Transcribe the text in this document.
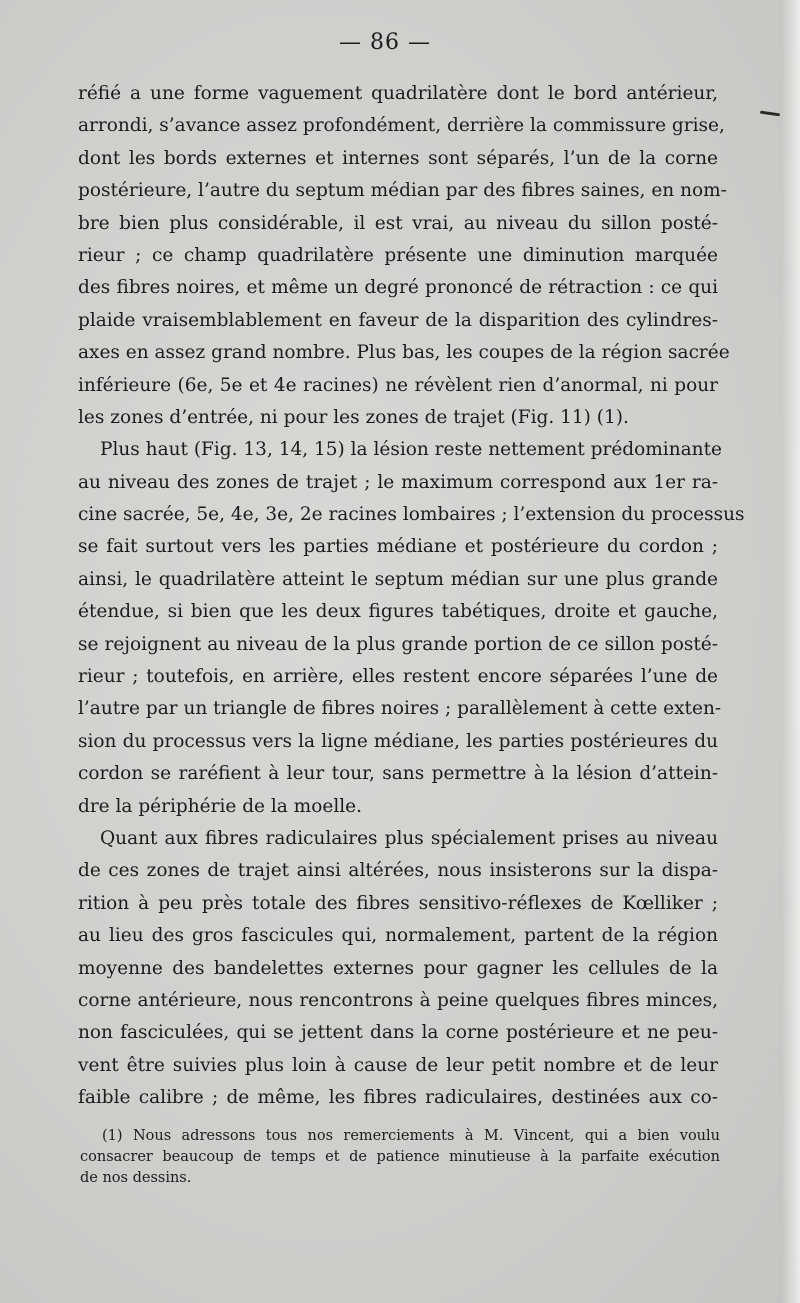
— 86 —
réfié a une forme vaguement quadrilatère dont le bord antérieur,
arrondi, s’avance assez profondément, derrière la commissure grise,
dont les bords externes et internes sont séparés, l’un de la corne
postérieure, l’autre du septum médian par des fibres saines, en nom-
bre bien plus considérable, il est vrai, au niveau du sillon posté-
rieur ; ce champ quadrilatère présente une diminution marquée
des fibres noires, et même un degré prononcé de rétraction : ce qui
plaide vraisemblablement en faveur de la disparition des cylindres-
axes en assez grand nombre. Plus bas, les coupes de la région sacrée
inférieure (6e, 5e et 4e racines) ne révèlent rien d’anormal, ni pour
les zones d’entrée, ni pour les zones de trajet (Fig. 11) (1).
Plus haut (Fig. 13, 14, 15) la lésion reste nettement prédominante
au niveau des zones de trajet ; le maximum correspond aux 1er ra-
cine sacrée, 5e, 4e, 3e, 2e racines lombaires ; l’extension du processus
se fait surtout vers les parties médiane et postérieure du cordon ;
ainsi, le quadrilatère atteint le septum médian sur une plus grande
étendue, si bien que les deux figures tabétiques, droite et gauche,
se rejoignent au niveau de la plus grande portion de ce sillon posté-
rieur ; toutefois, en arrière, elles restent encore séparées l’une de
l’autre par un triangle de fibres noires ; parallèlement à cette exten-
sion du processus vers la ligne médiane, les parties postérieures du
cordon se raréfient à leur tour, sans permettre à la lésion d’attein-
dre la périphérie de la moelle.
Quant aux fibres radiculaires plus spécialement prises au niveau
de ces zones de trajet ainsi altérées, nous insisterons sur la dispa-
rition à peu près totale des fibres sensitivo-réflexes de Kœlliker ;
au lieu des gros fascicules qui, normalement, partent de la région
moyenne des bandelettes externes pour gagner les cellules de la
corne antérieure, nous rencontrons à peine quelques fibres minces,
non fasciculées, qui se jettent dans la corne postérieure et ne peu-
vent être suivies plus loin à cause de leur petit nombre et de leur
faible calibre ; de même, les fibres radiculaires, destinées aux co-
(1) Nous adressons tous nos remerciements à M. Vincent, qui a bien voulu
consacrer beaucoup de temps et de patience minutieuse à la parfaite exécution
de nos dessins.
